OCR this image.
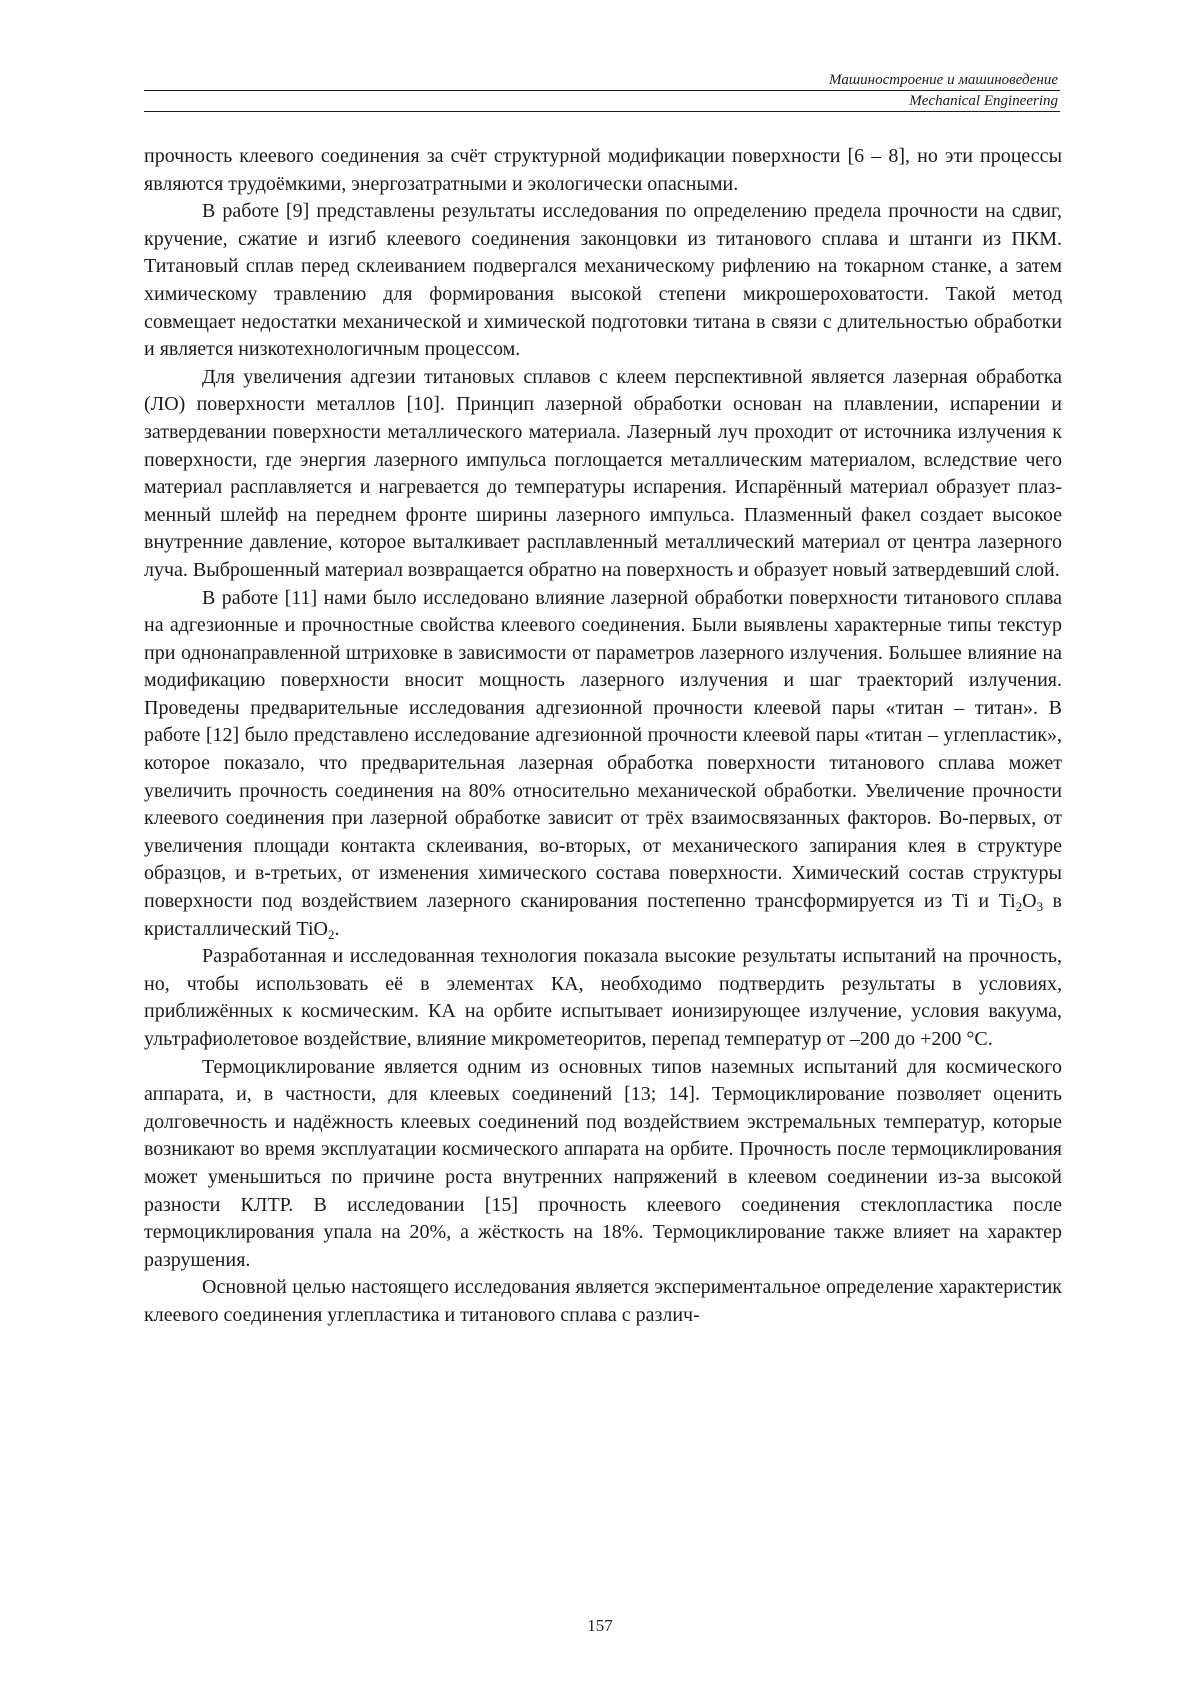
Машиностроение и машиноведение
Mechanical Engineering

прочность клеевого соединения за счёт структурной модификации поверхности [6 – 8], но эти процессы являются трудоёмкими, энергозатратными и экологически опасными.

В работе [9] представлены результаты исследования по определению предела прочности на сдвиг, кручение, сжатие и изгиб клеевого соединения законцовки из титанового сплава и штанги из ПКМ. Титановый сплав перед склеиванием подвергался механическому рифлению на токарном станке, а затем химическому травлению для формирования высокой степени микрошероховатости. Такой метод совмещает недостатки механической и химической подготовки титана в связи с длительностью обработки и является низкотехнологичным процессом.

Для увеличения адгезии титановых сплавов с клеем перспективной является лазерная обработка (ЛО) поверхности металлов [10]. Принцип лазерной обработки основан на плавлении, испарении и затвердевании поверхности металлического материала. Лазерный луч проходит от источника излучения к поверхности, где энергия лазерного импульса поглощается металлическим материалом, вследствие чего материал расплавляется и нагревается до температуры испарения. Испарённый материал образует плазменный шлейф на переднем фронте ширины лазерного импульса. Плазменный факел создает высокое внутренние давление, которое выталкивает расплавленный металлический материал от центра лазерного луча. Выброшенный материал возвращается обратно на поверхность и образует новый затвердевший слой.

В работе [11] нами было исследовано влияние лазерной обработки поверхности титанового сплава на адгезионные и прочностные свойства клеевого соединения. Были выявлены характерные типы текстур при однонаправленной штриховке в зависимости от параметров лазерного излучения. Большее влияние на модификацию поверхности вносит мощность лазерного излучения и шаг траекторий излучения. Проведены предварительные исследования адгезионной прочности клеевой пары «титан – титан». В работе [12] было представлено исследование адгезионной прочности клеевой пары «титан – углепластик», которое показало, что предварительная лазерная обработка поверхности титанового сплава может увеличить прочность соединения на 80% относительно механической обработки. Увеличение прочности клеевого соединения при лазерной обработке зависит от трёх взаимосвязанных факторов. Во-первых, от увеличения площади контакта склеивания, во-вторых, от механического запирания клея в структуре образцов, и в-третьих, от изменения химического состава поверхности. Химический состав структуры поверхности под воздействием лазерного сканирования постепенно трансформируется из Ti и $Ti_2O_3$ в кристаллический TiO$_2$.

Разработанная и исследованная технология показала высокие результаты испытаний на прочность, но, чтобы использовать её в элементах КА, необходимо подтвердить результаты в условиях, приближённых к космическим. КА на орбите испытывает ионизирующее излучение, условия вакуума, ультрафиолетовое воздействие, влияние микрометеоритов, перепад температур от –200 до +200 °С.

Термоциклирование является одним из основных типов наземных испытаний для космического аппарата, и, в частности, для клеевых соединений [13; 14]. Термоциклирование позволяет оценить долговечность и надёжность клеевых соединений под воздействием экстремальных температур, которые возникают во время эксплуатации космического аппарата на орбите. Прочность после термоциклирования может уменьшиться по причине роста внутренних напряжений в клеевом соединении из-за высокой разности КЛТР. В исследовании [15] прочность клеевого соединения стеклопластика после термоциклирования упала на 20%, а жёсткость на 18%. Термоциклирование также влияет на характер разрушения.

Основной целью настоящего исследования является экспериментальное определение характеристик клеевого соединения углепластика и титанового сплава с различ-

157
